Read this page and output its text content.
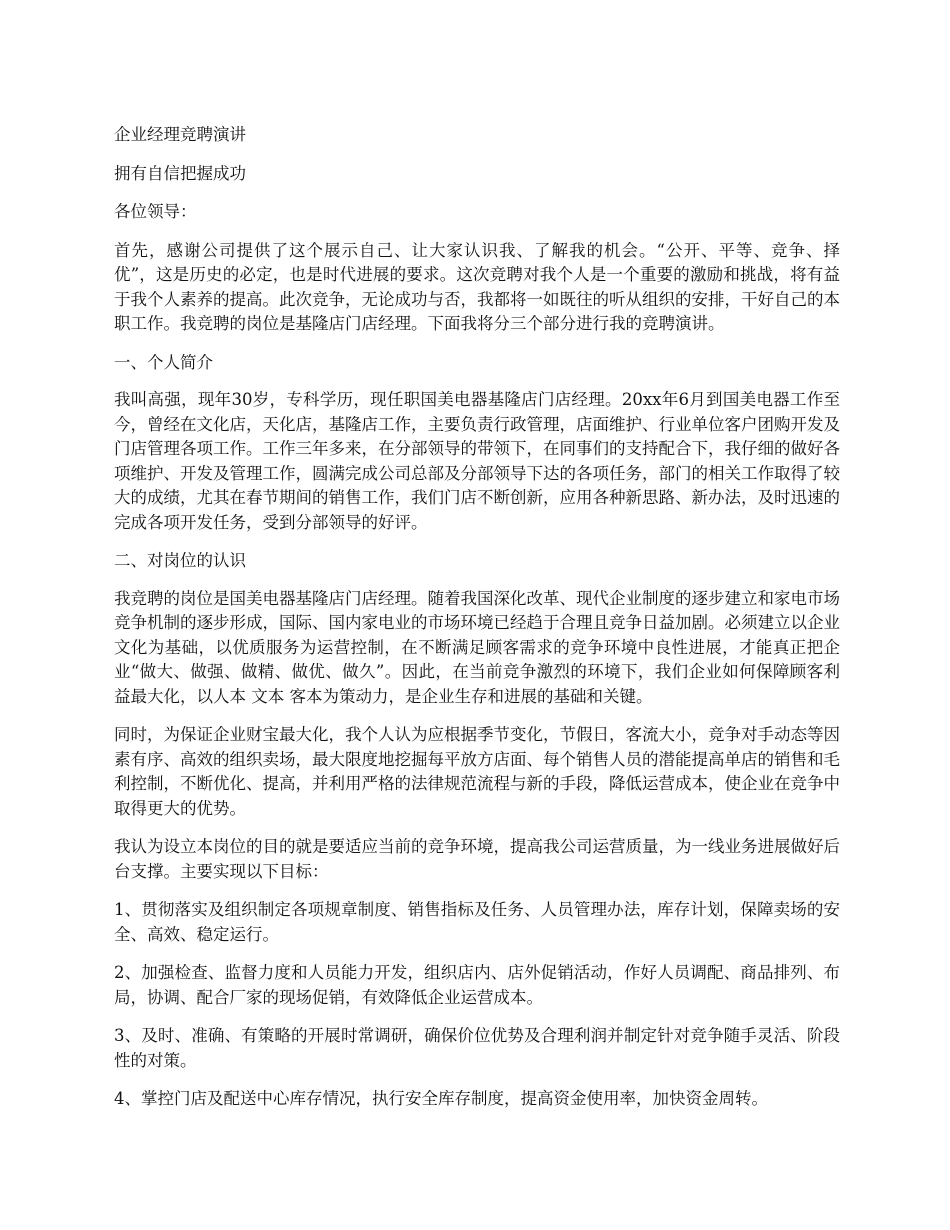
企业经理竞聘演讲

拥有自信把握成功

各位领导：

首先，感谢公司提供了这个展示自己、让大家认识我、了解我的机会。“公开、平等、竞争、择优”，这是历史的必定，也是时代进展的要求。这次竞聘对我个人是一个重要的激励和挑战，将有益于我个人素养的提高。此次竞争，无论成功与否，我都将一如既往的听从组织的安排，干好自己的本职工作。我竞聘的岗位是基隆店门店经理。下面我将分三个部分进行我的竞聘演讲。

一、个人简介

我叫高强，现年30岁，专科学历，现任职国美电器基隆店门店经理。20xx年6月到国美电器工作至今，曾经在文化店，天化店，基隆店工作，主要负责行政管理，店面维护、行业单位客户团购开发及门店管理各项工作。工作三年多来，在分部领导的带领下，在同事们的支持配合下，我仔细的做好各项维护、开发及管理工作，圆满完成公司总部及分部领导下达的各项任务，部门的相关工作取得了较大的成绩，尤其在春节期间的销售工作，我们门店不断创新，应用各种新思路、新办法，及时迅速的完成各项开发任务，受到分部领导的好评。

二、对岗位的认识

我竞聘的岗位是国美电器基隆店门店经理。随着我国深化改革、现代企业制度的逐步建立和家电市场竞争机制的逐步形成，国际、国内家电业的市场环境已经趋于合理且竞争日益加剧。必须建立以企业文化为基础，以优质服务为运营控制，在不断满足顾客需求的竞争环境中良性进展，才能真正把企业“做大、做强、做精、做优、做久”。因此，在当前竞争激烈的环境下，我们企业如何保障顾客利益最大化，以人本 文本 客本为策动力，是企业生存和进展的基础和关键。

同时，为保证企业财宝最大化，我个人认为应根据季节变化，节假日，客流大小，竞争对手动态等因素有序、高效的组织卖场，最大限度地挖掘每平放方店面、每个销售人员的潜能提高单店的销售和毛利控制，不断优化、提高，并利用严格的法律规范流程与新的手段，降低运营成本，使企业在竞争中取得更大的优势。

我认为设立本岗位的目的就是要适应当前的竞争环境，提高我公司运营质量，为一线业务进展做好后台支撑。主要实现以下目标：

1、贯彻落实及组织制定各项规章制度、销售指标及任务、人员管理办法，库存计划，保障卖场的安全、高效、稳定运行。

2、加强检查、监督力度和人员能力开发，组织店内、店外促销活动，作好人员调配、商品排列、布局，协调、配合厂家的现场促销，有效降低企业运营成本。

3、及时、准确、有策略的开展时常调研，确保价位优势及合理利润并制定针对竞争随手灵活、阶段性的对策。

4、掌控门店及配送中心库存情况，执行安全库存制度，提高资金使用率，加快资金周转。
